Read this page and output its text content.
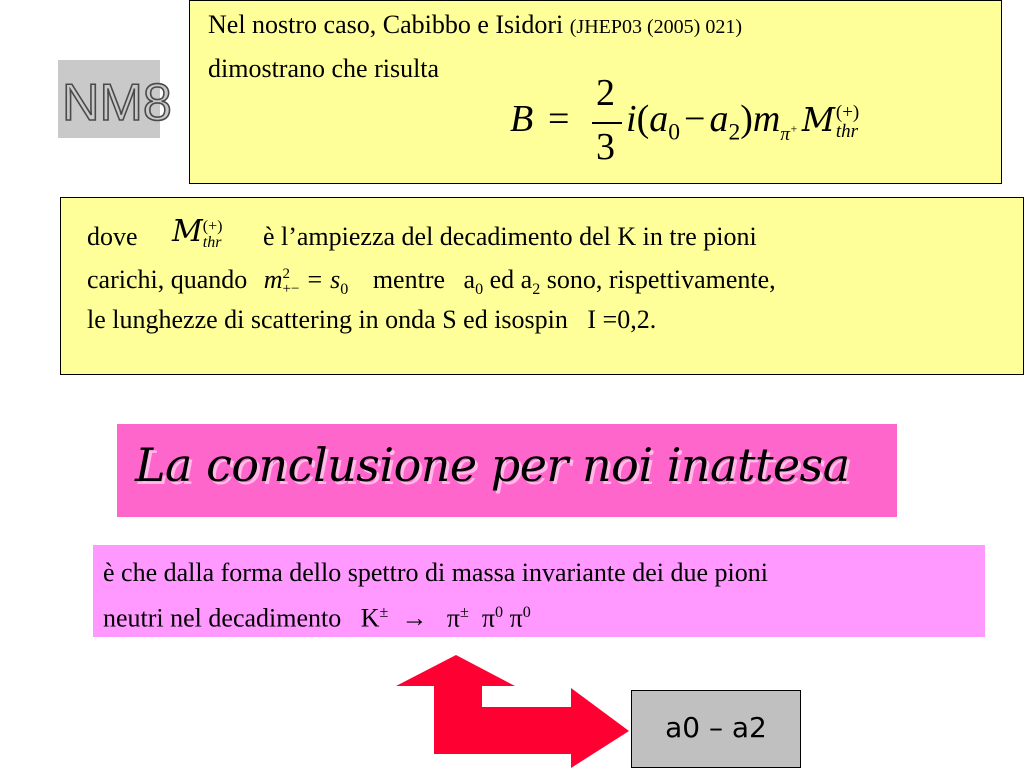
NM8
Nel nostro caso, Cabibbo e Isidori (JHEP03 (2005) 021)
dimostrano che risulta
B =
2
3
$i(a_0 - a_2)m_{\pi^+}$ M (+)
thr
dove M (+)
thr è l’ampiezza del decadimento del K in tre pioni
carichi, quando m 2
+− = $s_0$ mentre $a_0$ ed $a_2$ sono, rispettivamente,
le lunghezze di scattering in onda S ed isospin   I =0,2.
La conclusione per noi inattesa
è che dalla forma dello spettro di massa invariante dei due pioni
neutri nel decadimento   K± → π± $\pi^0$ $\pi^0$
a0 – a2
